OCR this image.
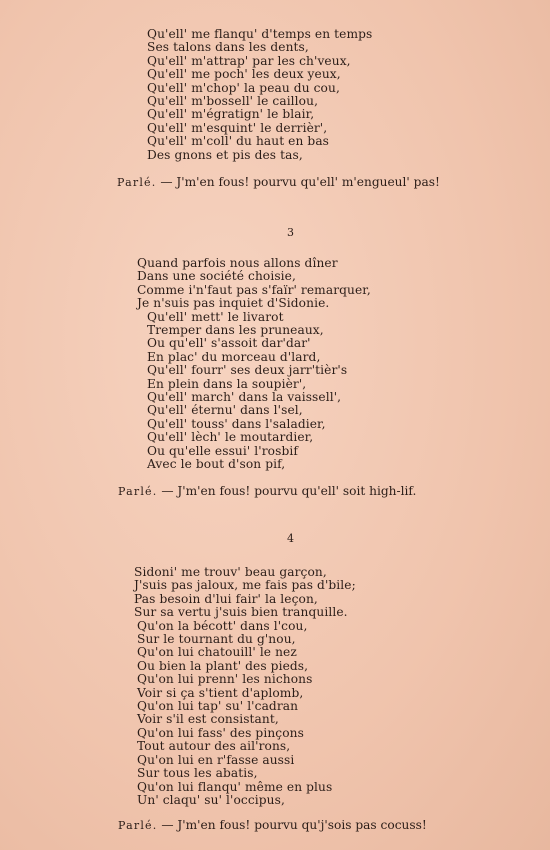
Qu'ell' me flanqu' d'temps en temps
Ses talons dans les dents,
Qu'ell' m'attrap' par les ch'veux,
Qu'ell' me poch' les deux yeux,
Qu'ell' m'chop' la peau du cou,
Qu'ell' m'bossell' le caillou,
Qu'ell' m'égratign' le blair,
Qu'ell' m'esquint' le derrièr',
Qu'ell' m'coll' du haut en bas
Des gnons et pis des tas,
Parlé. — J'm'en fous! pourvu qu'ell' m'engueul' pas!
3
Quand parfois nous allons dîner
Dans une société choisie,
Comme i'n'faut pas s'faïr' remarquer,
Je n'suis pas inquiet d'Sidonie.
Qu'ell' mett' le livarot
Tremper dans les pruneaux,
Ou qu'ell' s'assoit dar'dar'
En plac' du morceau d'lard,
Qu'ell' fourr' ses deux jarr'tièr's
En plein dans la soupièr',
Qu'ell' march' dans la vaissell',
Qu'ell' éternu' dans l'sel,
Qu'ell' touss' dans l'saladier,
Qu'ell' lèch' le moutardier,
Ou qu'elle essui' l'rosbif
Avec le bout d'son pif,
Parlé. — J'm'en fous! pourvu qu'ell' soit high-lif.
4
Sidoni' me trouv' beau garçon,
J'suis pas jaloux, me fais pas d'bile;
Pas besoin d'lui fair' la leçon,
Sur sa vertu j'suis bien tranquille.
Qu'on la bécott' dans l'cou,
Sur le tournant du g'nou,
Qu'on lui chatouill' le nez
Ou bien la plant' des pieds,
Qu'on lui prenn' les nichons
Voir si ça s'tient d'aplomb,
Qu'on lui tap' su' l'cadran
Voir s'il est consistant,
Qu'on lui fass' des pinçons
Tout autour des ail'rons,
Qu'on lui en r'fasse aussi
Sur tous les abatis,
Qu'on lui flanqu' même en plus
Un' claqu' su' l'occipus,
Parlé. — J'm'en fous! pourvu qu'j'sois pas cocuss!
